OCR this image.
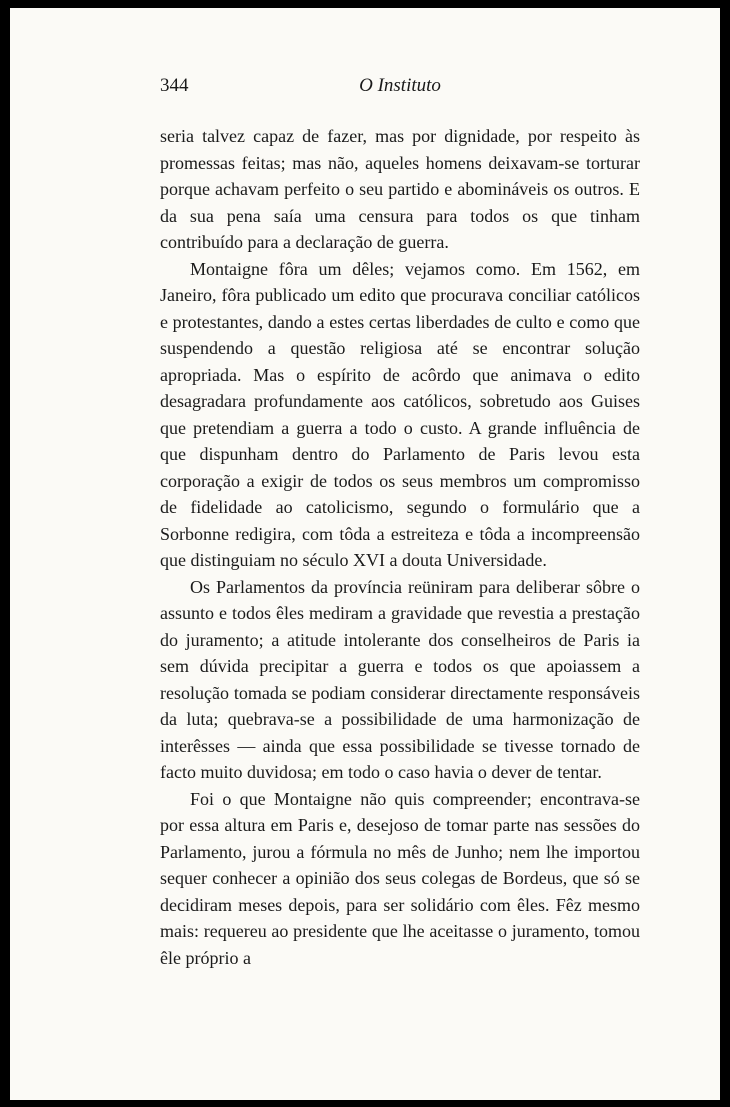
344	O Instituto

seria talvez capaz de fazer, mas por dignidade, por respeito às promessas feitas; mas não, aqueles homens deixavam-se torturar porque achavam perfeito o seu partido e abomináveis os outros. E da sua pena saía uma censura para todos os que tinham contribuído para a declaração de guerra.

Montaigne fôra um dêles; vejamos como. Em 1562, em Janeiro, fôra publicado um edito que procurava conciliar católicos e protestantes, dando a estes certas liberdades de culto e como que suspendendo a questão religiosa até se encontrar solução apropriada. Mas o espírito de acôrdo que animava o edito desagradara profundamente aos católicos, sobretudo aos Guises que pretendiam a guerra a todo o custo. A grande influência de que dispunham dentro do Parlamento de Paris levou esta corporação a exigir de todos os seus membros um compromisso de fidelidade ao catolicismo, segundo o formulário que a Sorbonne redigira, com tôda a estreiteza e tôda a incompreensão que distinguiam no século XVI a douta Universidade.

Os Parlamentos da província reüniram para deliberar sôbre o assunto e todos êles mediram a gravidade que revestia a prestação do juramento; a atitude intolerante dos conselheiros de Paris ia sem dúvida precipitar a guerra e todos os que apoiassem a resolução tomada se podiam considerar directamente responsáveis da luta; quebrava-se a possibilidade de uma harmonização de interêsses — ainda que essa possibilidade se tivesse tornado de facto muito duvidosa; em todo o caso havia o dever de tentar.

Foi o que Montaigne não quis compreender; encontrava-se por essa altura em Paris e, desejoso de tomar parte nas sessões do Parlamento, jurou a fórmula no mês de Junho; nem lhe importou sequer conhecer a opinião dos seus colegas de Bordeus, que só se decidiram meses depois, para ser solidário com êles. Fêz mesmo mais: requereu ao presidente que lhe aceitasse o juramento, tomou êle próprio a
